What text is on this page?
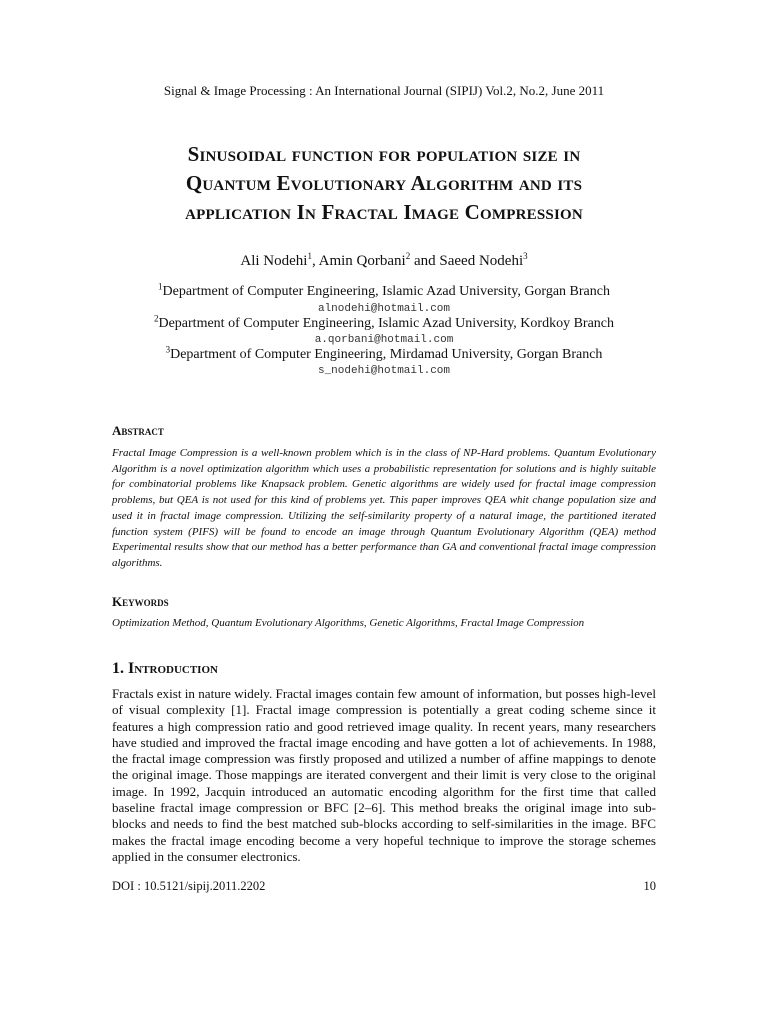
Signal & Image Processing : An International Journal (SIPIJ) Vol.2, No.2, June 2011
Sinusoidal function for population size in
Quantum Evolutionary Algorithm and its
application In Fractal Image Compression
Ali Nodehi$^1$, Amin Qorbani$^2$ and Saeed Nodehi$^3$
$^1$Department of Computer Engineering, Islamic Azad University, Gorgan Branch
alnodehi@hotmail.com
$^2$Department of Computer Engineering, Islamic Azad University, Kordkoy Branch
a.qorbani@hotmail.com
$^3$Department of Computer Engineering, Mirdamad University, Gorgan Branch
s_nodehi@hotmail.com
Abstract

Fractal Image Compression is a well-known problem which is in the class of NP-Hard problems. Quantum Evolutionary Algorithm is a novel optimization algorithm which uses a probabilistic representation for solutions and is highly suitable for combinatorial problems like Knapsack problem. Genetic algorithms are widely used for fractal image compression problems, but QEA is not used for this kind of problems yet. This paper improves QEA whit change population size and used it in fractal image compression. Utilizing the self-similarity property of a natural image, the partitioned iterated function system (PIFS) will be found to encode an image through Quantum Evolutionary Algorithm (QEA) method Experimental results show that our method has a better performance than GA and conventional fractal image compression algorithms.

Keywords

Optimization Method, Quantum Evolutionary Algorithms, Genetic Algorithms, Fractal Image Compression

1. Introduction

Fractals exist in nature widely. Fractal images contain few amount of information, but posses high-level of visual complexity [1]. Fractal image compression is potentially a great coding scheme since it features a high compression ratio and good retrieved image quality. In recent years, many researchers have studied and improved the fractal image encoding and have gotten a lot of achievements. In 1988, the fractal image compression was firstly proposed and utilized a number of affine mappings to denote the original image. Those mappings are iterated convergent and their limit is very close to the original image. In 1992, Jacquin introduced an automatic encoding algorithm for the first time that called baseline fractal image compression or BFC [2–6]. This method breaks the original image into sub-blocks and needs to find the best matched sub-blocks according to self-similarities in the image. BFC makes the fractal image encoding become a very hopeful technique to improve the storage schemes applied in the consumer electronics.

DOI : 10.5121/sipij.2011.2202	10
